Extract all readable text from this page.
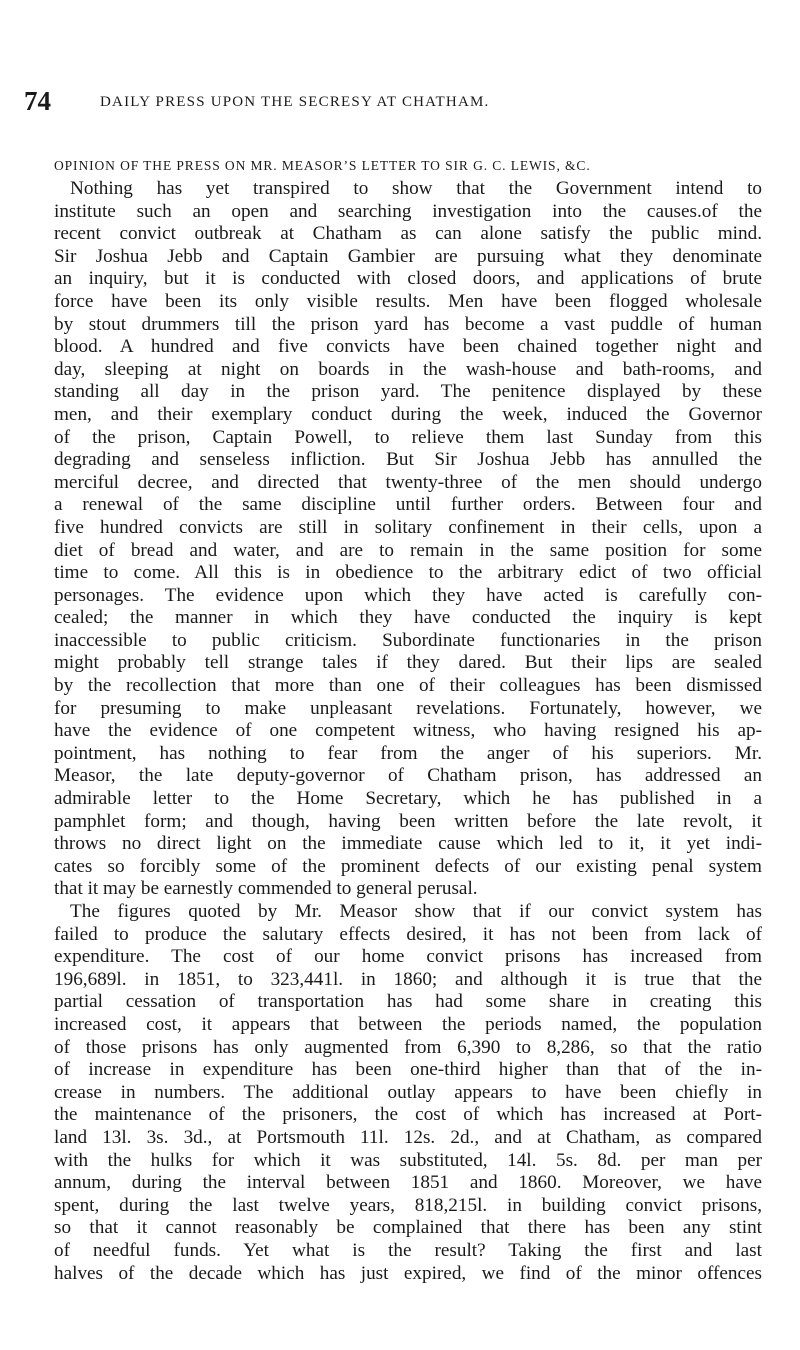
74	DAILY PRESS UPON THE SECRESY AT CHATHAM.
OPINION OF THE PRESS ON MR. MEASOR’S LETTER TO SIR G. C. LEWIS, &C.
Nothing has yet transpired to show that the Government intend to
institute such an open and searching investigation into the causes.of the
recent convict outbreak at Chatham as can alone satisfy the public mind.
Sir Joshua Jebb and Captain Gambier are pursuing what they denominate
an inquiry, but it is conducted with closed doors, and applications of brute
force have been its only visible results. Men have been flogged wholesale
by stout drummers till the prison yard has become a vast puddle of human
blood. A hundred and five convicts have been chained together night and
day, sleeping at night on boards in the wash-house and bath-rooms, and
standing all day in the prison yard. The penitence displayed by these
men, and their exemplary conduct during the week, induced the Governor
of the prison, Captain Powell, to relieve them last Sunday from this
degrading and senseless infliction. But Sir Joshua Jebb has annulled the
merciful decree, and directed that twenty-three of the men should undergo
a renewal of the same discipline until further orders. Between four and
five hundred convicts are still in solitary confinement in their cells, upon a
diet of bread and water, and are to remain in the same position for some
time to come. All this is in obedience to the arbitrary edict of two official
personages. The evidence upon which they have acted is carefully con-
cealed; the manner in which they have conducted the inquiry is kept
inaccessible to public criticism. Subordinate functionaries in the prison
might probably tell strange tales if they dared. But their lips are sealed
by the recollection that more than one of their colleagues has been dismissed
for presuming to make unpleasant revelations. Fortunately, however, we
have the evidence of one competent witness, who having resigned his ap-
pointment, has nothing to fear from the anger of his superiors. Mr.
Measor, the late deputy-governor of Chatham prison, has addressed an
admirable letter to the Home Secretary, which he has published in a
pamphlet form; and though, having been written before the late revolt, it
throws no direct light on the immediate cause which led to it, it yet indi-
cates so forcibly some of the prominent defects of our existing penal system
that it may be earnestly commended to general perusal.
The figures quoted by Mr. Measor show that if our convict system has
failed to produce the salutary effects desired, it has not been from lack of
expenditure. The cost of our home convict prisons has increased from
196,689l. in 1851, to 323,441l. in 1860; and although it is true that the
partial cessation of transportation has had some share in creating this
increased cost, it appears that between the periods named, the population
of those prisons has only augmented from 6,390 to 8,286, so that the ratio
of increase in expenditure has been one-third higher than that of the in-
crease in numbers. The additional outlay appears to have been chiefly in
the maintenance of the prisoners, the cost of which has increased at Port-
land 13l. 3s. 3d., at Portsmouth 11l. 12s. 2d., and at Chatham, as compared
with the hulks for which it was substituted, 14l. 5s. 8d. per man per
annum, during the interval between 1851 and 1860. Moreover, we have
spent, during the last twelve years, 818,215l. in building convict prisons,
so that it cannot reasonably be complained that there has been any stint
of needful funds. Yet what is the result? Taking the first and last
halves of the decade which has just expired, we find of the minor offences
